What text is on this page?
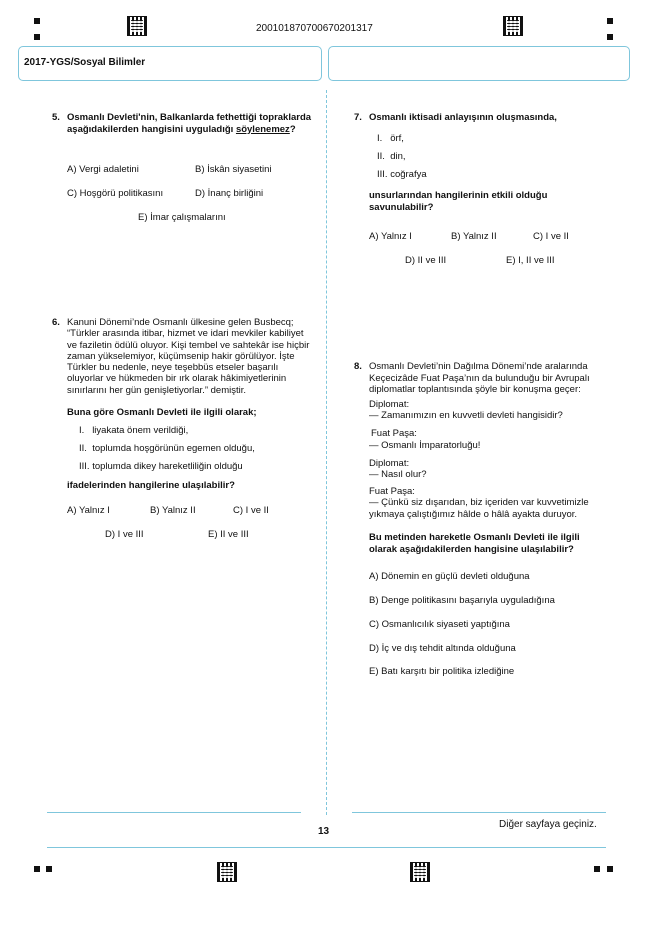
200101870700670201317
2017-YGS/Sosyal Bilimler
5. Osmanlı Devleti'nin, Balkanlarda fethettiği topraklarda aşağıdakilerden hangisini uyguladığı söylenemez?
A) Vergi adaletini	B) İskân siyasetini
C) Hoşgörü politikasını	D) İnanç birliğini
E) İmar çalışmalarını
6. Kanuni Dönemi’nde Osmanlı ülkesine gelen Busbecq; “Türkler arasında itibar, hizmet ve idari mevkiler kabiliyet ve faziletin ödülü oluyor. Kişi tembel ve sahtekâr ise hiçbir zaman yükselemiyor, küçümsenip hakir görülüyor. İşte Türkler bu nedenle, neye teşebbüs etseler başarılı oluyorlar ve hükmeden bir ırk olarak hâkimiyetlerinin sınırlarını her gün genişletiyorlar.” demiştir.
Buna göre Osmanlı Devleti ile ilgili olarak;
I.   liyakata önem verildiği,
II.  toplumda hoşgörünün egemen olduğu,
III. toplumda dikey hareketliliğin olduğu
ifadelerinden hangilerine ulaşılabilir?
A) Yalnız I	B) Yalnız II	C) I ve II
D) I ve III	E) II ve III
7. Osmanlı iktisadi anlayışının oluşmasında,
I.   örf,
II.  din,
III. coğrafya
unsurlarından hangilerinin etkili olduğu savunulabilir?
A) Yalnız I	B) Yalnız II	C) I ve II
D) II ve III	E) I, II ve III
8. Osmanlı Devleti’nin Dağılma Dönemi’nde aralarında Keçecizâde Fuat Paşa’nın da bulunduğu bir Avrupalı diplomatlar toplantısında şöyle bir konuşma geçer:
Diplomat:
— Zamanımızın en kuvvetli devleti hangisidir?
Fuat Paşa:
— Osmanlı İmparatorluğu!
Diplomat:
— Nasıl olur?
Fuat Paşa:
— Çünkü siz dışarıdan, biz içeriden var kuvvetimizle yıkmaya çalıştığımız hâlde o hâlâ ayakta duruyor.
Bu metinden hareketle Osmanlı Devleti ile ilgili olarak aşağıdakilerden hangisine ulaşılabilir?
A) Dönemin en güçlü devleti olduğuna
B) Denge politikasını başarıyla uyguladığına
C) Osmanlıcılık siyaseti yaptığına
D) İç ve dış tehdit altında olduğuna
E) Batı karşıtı bir politika izlediğine
Diğer sayfaya geçiniz.
13
